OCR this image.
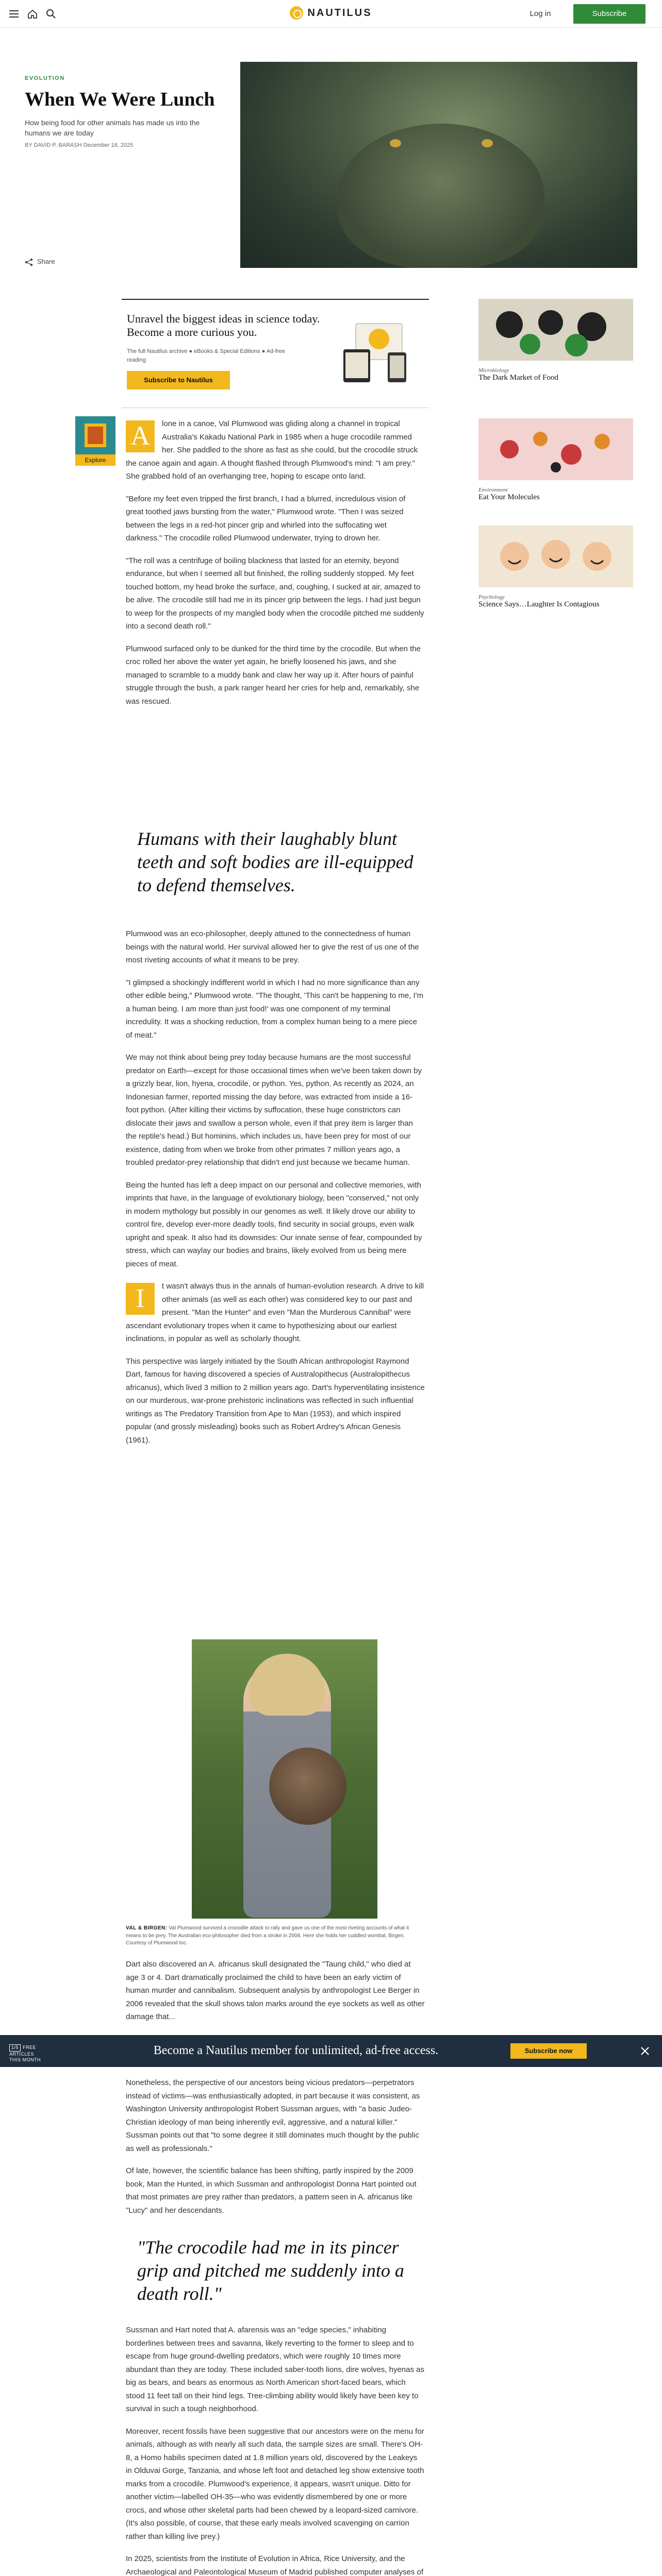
NAUTILUS	Log in	Subscribe
EVOLUTION
When We Were Lunch
How being food for other animals has made us into the humans we are today
BY DAVID P. BARASH December 18, 2025
Share
Unravel the biggest ideas in science today. Become a more curious you.
The full Nautilus archive ● eBooks & Special Editions ● Ad-free reading
Subscribe to Nautilus
Explore
Microbiology
The Dark Market of Food
Environment
Eat Your Molecules
Psychology
Science Says…Laughter Is Contagious

A	lone in a canoe, Val Plumwood was gliding along a channel in tropical Australia's Kakadu National Park in 1985 when a huge crocodile rammed her. She paddled to the shore as fast as she could, but the crocodile struck the canoe again and again. A thought flashed through Plumwood's mind: "I am prey." She grabbed hold of an overhanging tree, hoping to escape onto land.

"Before my feet even tripped the first branch, I had a blurred, incredulous vision of great toothed jaws bursting from the water," Plumwood wrote. "Then I was seized between the legs in a red-hot pincer grip and whirled into the suffocating wet darkness." The crocodile rolled Plumwood underwater, trying to drown her.

"The roll was a centrifuge of boiling blackness that lasted for an eternity, beyond endurance, but when I seemed all but finished, the rolling suddenly stopped. My feet touched bottom, my head broke the surface, and, coughing, I sucked at air, amazed to be alive. The crocodile still had me in its pincer grip between the legs. I had just begun to weep for the prospects of my mangled body when the crocodile pitched me suddenly into a second death roll."

Plumwood surfaced only to be dunked for the third time by the crocodile. But when the croc rolled her above the water yet again, he briefly loosened his jaws, and she managed to scramble to a muddy bank and claw her way up it. After hours of painful struggle through the bush, a park ranger heard her cries for help and, remarkably, she was rescued.

Humans with their laughably blunt teeth and soft bodies are ill-equipped to defend themselves.

Plumwood was an eco-philosopher, deeply attuned to the connectedness of human beings with the natural world. Her survival allowed her to give the rest of us one of the most riveting accounts of what it means to be prey.

"I glimpsed a shockingly indifferent world in which I had no more significance than any other edible being," Plumwood wrote. "The thought, 'This can't be happening to me, I'm a human being. I am more than just food!' was one component of my terminal incredulity. It was a shocking reduction, from a complex human being to a mere piece of meat."

We may not think about being prey today because humans are the most successful predator on Earth—except for those occasional times when we've been taken down by a grizzly bear, lion, hyena, crocodile, or python. Yes, python. As recently as 2024, an Indonesian farmer, reported missing the day before, was extracted from inside a 16-foot python. (After killing their victims by suffocation, these huge constrictors can dislocate their jaws and swallow a person whole, even if that prey item is larger than the reptile's head.) But hominins, which includes us, have been prey for most of our existence, dating from when we broke from other primates 7 million years ago, a troubled predator-prey relationship that didn't end just because we became human.

Being the hunted has left a deep impact on our personal and collective memories, with imprints that have, in the language of evolutionary biology, been "conserved," not only in modern mythology but possibly in our genomes as well. It likely drove our ability to control fire, develop ever-more deadly tools, find security in social groups, even walk upright and speak. It also had its downsides: Our innate sense of fear, compounded by stress, which can waylay our bodies and brains, likely evolved from us being mere pieces of meat.

I	t wasn't always thus in the annals of human-evolution research. A drive to kill other animals (as well as each other) was considered key to our past and present. "Man the Hunter" and even "Man the Murderous Cannibal" were ascendant evolutionary tropes when it came to hypothesizing about our earliest inclinations, in popular as well as scholarly thought.

This perspective was largely initiated by the South African anthropologist Raymond Dart, famous for having discovered a species of Australopithecus (Australopithecus africanus), which lived 3 million to 2 million years ago. Dart's hyperventilating insistence on our murderous, war-prone prehistoric inclinations was reflected in such influential writings as The Predatory Transition from Ape to Man (1953), and which inspired popular (and grossly misleading) books such as Robert Ardrey's African Genesis (1961).

VAL & BIRGEN: Val Plumwood survived a crocodile attack to rally and gave us one of the most riveting accounts of what it means to be prey. The Australian eco-philosopher died from a stroke in 2008. Here she holds her cuddled wombat, Birgen. Courtesy of Plumwood Inc.

Dart also discovered an A. africanus skull designated the "Taung child," who died at age 3 or 4. Dart dramatically proclaimed the child to have been an early victim of human murder and cannibalism. Subsequent analysis by anthropologist Lee Berger in 2006 revealed that the skull shows talon marks around the eye sockets as well as other damage that...

1/5 FREE ARTICLES THIS MONTH
Become a Nautilus member for unlimited, ad-free access.	Subscribe now

Nonetheless, the perspective of our ancestors being vicious predators—perpetrators instead of victims—was enthusiastically adopted, in part because it was consistent, as Washington University anthropologist Robert Sussman argues, with "a basic Judeo-Christian ideology of man being inherently evil, aggressive, and a natural killer." Sussman points out that "to some degree it still dominates much thought by the public as well as professionals."

Of late, however, the scientific balance has been shifting, partly inspired by the 2009 book, Man the Hunted, in which Sussman and anthropologist Donna Hart pointed out that most primates are prey rather than predators, a pattern seen in A. africanus like "Lucy" and her descendants.

"The crocodile had me in its pincer grip and pitched me suddenly into a death roll."

Sussman and Hart noted that A. afarensis was an "edge species," inhabiting borderlines between trees and savanna, likely reverting to the former to sleep and to escape from huge ground-dwelling predators, which were roughly 10 times more abundant than they are today. These included saber-tooth lions, dire wolves, hyenas as big as bears, and bears as enormous as North American short-faced bears, which stood 11 feet tall on their hind legs. Tree-climbing ability would likely have been key to survival in such a tough neighborhood.

Moreover, recent fossils have been suggestive that our ancestors were on the menu for animals, although as with nearly all such data, the sample sizes are small. There's OH-8, a Homo habilis specimen dated at 1.8 million years old, discovered by the Leakeys in Olduvai Gorge, Tanzania, and whose left foot and detached leg show extensive tooth marks from a crocodile. Plumwood's experience, it appears, wasn't unique. Ditto for another victim—labelled OH-35—who was evidently dismembered by one or more crocs, and whose other skeletal parts had been chewed by a leopard-sized carnivore. (It's also possible, of course, that these early meals involved scavenging on carrion rather than killing live prey.)

In 2025, scientists from the Institute of Evolution in Africa, Rice University, and the Archaeological and Paleontological Museum of Madrid published computer analyses of
